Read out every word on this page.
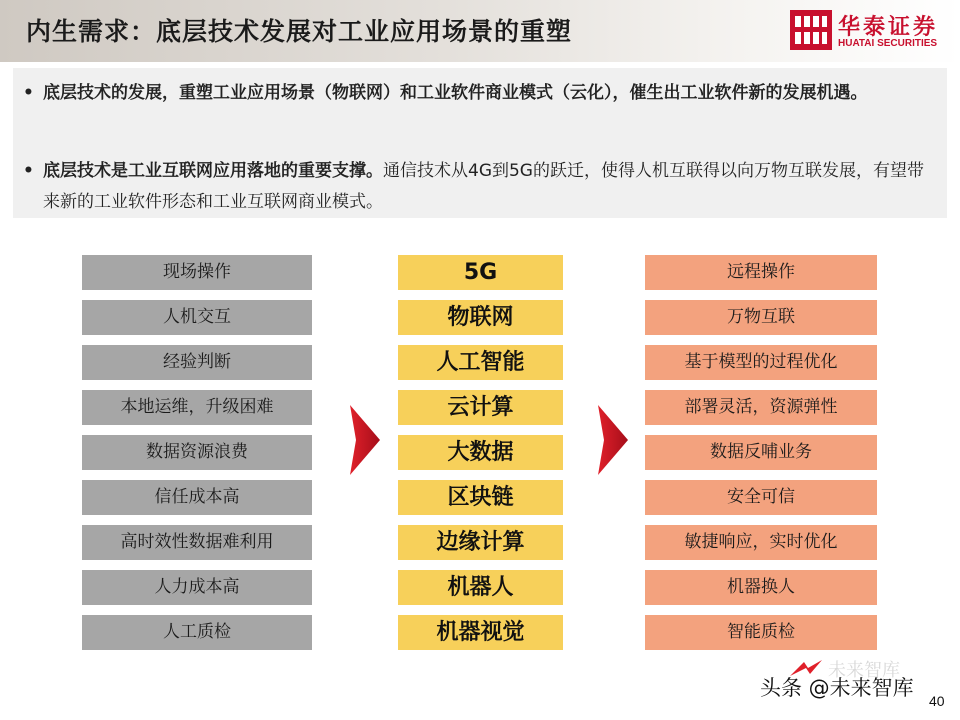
内生需求：底层技术发展对工业应用场景的重塑	华泰证券
HUATAI SECURITIES
• 底层技术的发展，重塑工业应用场景（物联网）和工业软件商业模式（云化），催生出工业软件新的发展机遇。
• 底层技术是工业互联网应用落地的重要支撑。通信技术从4G到5G的跃迁，使得人机互联得以向万物互联发展，有望带来新的工业软件形态和工业互联网商业模式。
现场操作
人机交互
经验判断
本地运维，升级困难
数据资源浪费
信任成本高
高时效性数据难利用
人力成本高
人工质检
5G
物联网
人工智能
云计算
大数据
区块链
边缘计算
机器人
机器视觉
远程操作
万物互联
基于模型的过程优化
部署灵活，资源弹性
数据反哺业务
安全可信
敏捷响应，实时优化
机器换人
智能质检
未来智库
头条 @未来智库
40
